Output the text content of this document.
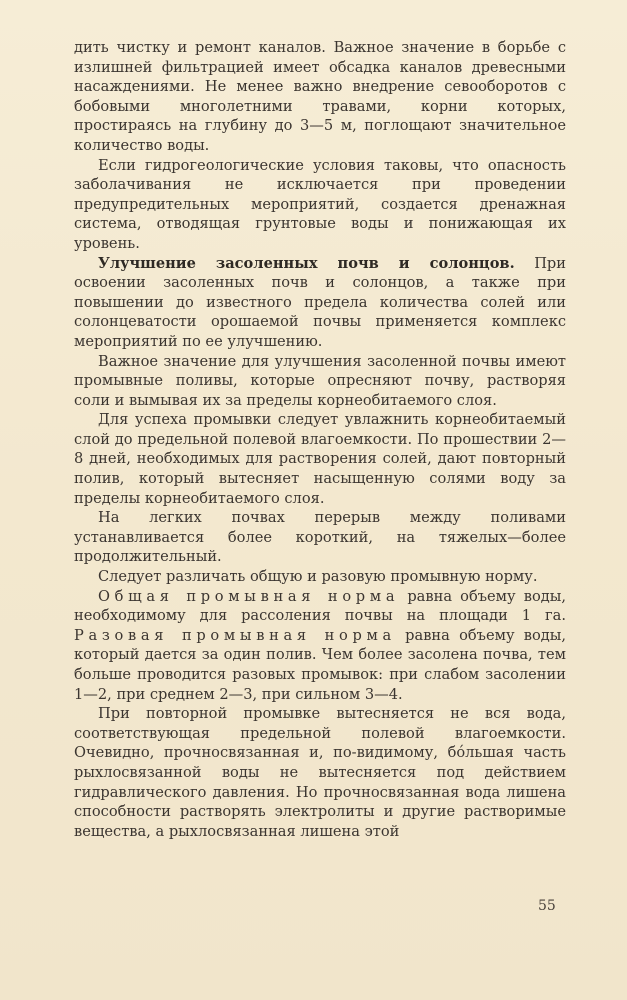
дить чистку и ремонт каналов. Важное значение в борьбе с излишней фильтрацией имеет обсадка каналов древесными насаждениями. Не менее важно внедрение севооборотов с бобовыми многолетними травами, корни которых, простираясь на глубину до 3—5 м, поглощают значительное количество воды.

Если гидрогеологические условия таковы, что опасность заболачивания не исключается при проведении предупредительных мероприятий, создается дренажная система, отводящая грунтовые воды и понижающая их уровень.

Улучшение засоленных почв и солонцов. При освоении засоленных почв и солонцов, а также при повышении до известного предела количества солей или солонцеватости орошаемой почвы применяется комплекс мероприятий по ее улучшению.

Важное значение для улучшения засоленной почвы имеют промывные поливы, которые опресняют почву, растворяя соли и вымывая их за пределы корнеобитаемого слоя.

Для успеха промывки следует увлажнить корнеобитаемый слой до предельной полевой влагоемкости. По прошествии 2—8 дней, необходимых для растворения солей, дают повторный полив, который вытесняет насыщенную солями воду за пределы корнеобитаемого слоя.

На легких почвах перерыв между поливами устанавливается более короткий, на тяжелых—более продолжительный.

Следует различать общую и разовую промывную норму.

Общая промывная норма равна объему воды, необходимому для рассоления почвы на площади 1 га. Разовая промывная норма равна объему воды, который дается за один полив. Чем более засолена почва, тем больше проводится разовых промывок: при слабом засолении 1—2, при среднем 2—3, при сильном 3—4.

При повторной промывке вытесняется не вся вода, соответствующая предельной полевой влагоемкости. Очевидно, прочносвязанная и, по-видимому, бóльшая часть рыхлосвязанной воды не вытесняется под действием гидравлического давления. Но прочносвязанная вода лишена способности растворять электролиты и другие растворимые вещества, а рыхлосвязанная лишена этой

55
